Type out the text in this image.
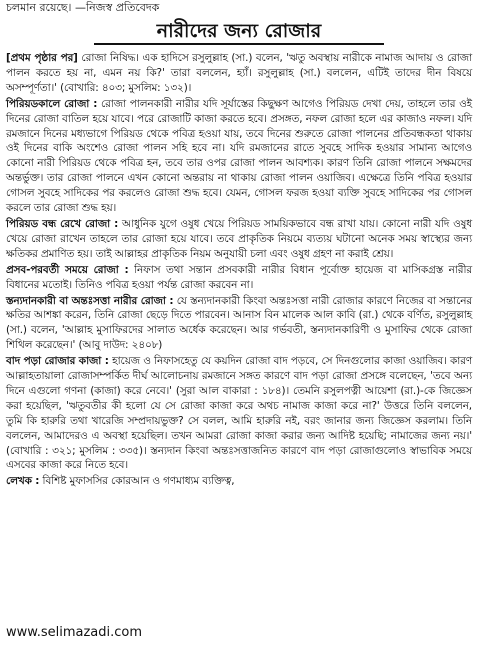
চলমান রয়েছে। —নিজস্ব প্রতিবেদক
নারীদের জন্য রোজার

[প্রথম পৃষ্ঠার পর] রোজা নিষিদ্ধ। এক হাদিসে রসুলুল্লাহ (সা.) বলেন, 'ঋতু অবস্থায় নারীকে নামাজ আদায় ও রোজা পালন করতে হয় না, এমন নয় কি?' তারা বললেন, হ্যাঁ। রসুলুল্লাহ (সা.) বললেন, এটিই তাদের দীন বিষয়ে অসম্পূর্ণতা।' (বোখারি: ৪০৩; মুসলিম: ১৩২)।

পিরিয়ডকালে রোজা : রোজা পালনকারী নারীর যদি সূর্যাস্তের কিছুক্ষণ আগেও পিরিয়ড দেখা দেয়, তাহলে তার ওই দিনের রোজা বাতিল হয়ে যাবে। পরে রোজাটি কাজা করতে হবে। প্রসঙ্গত, নফল রোজা হলে এর কাজাও নফল। যদি রমজানে দিনের মধ্যভাগে পিরিয়ড থেকে পবিত্র হওয়া যায়, তবে দিনের শুরুতে রোজা পালনের প্রতিবন্ধকতা থাকায় ওই দিনের বাকি অংশেও রোজা পালন সহি হবে না। যদি রমজানের রাতে সুবহে সাদিক হওয়ার সামান্য আগেও কোনো নারী পিরিয়ড থেকে পবিত্র হন, তবে তার ওপর রোজা পালন আবশ্যক। কারণ তিনি রোজা পালনে সক্ষমদের অন্তর্ভুক্ত। তার রোজা পালনে এখন কোনো অন্তরায় না থাকায় রোজা পালন ওয়াজিব। এক্ষেত্রে তিনি পবিত্র হওয়ার গোসল সুবহে সাদিকের পর করলেও রোজা শুদ্ধ হবে। যেমন, গোসল ফরজ হওয়া ব্যক্তি সুবহে সাদিকের পর গোসল করলে তার রোজা শুদ্ধ হয়।

পিরিয়ড বন্ধ রেখে রোজা : আধুনিক যুগে ওষুধ খেয়ে পিরিয়ড সাময়িকভাবে বন্ধ রাখা যায়। কোনো নারী যদি ওষুধ খেয়ে রোজা রাখেন তাহলে তার রোজা হয়ে যাবে। তবে প্রাকৃতিক নিয়মে ব্যত্যয় ঘটানো অনেক সময় স্বাস্থ্যের জন্য ক্ষতিকর প্রমাণিত হয়। তাই আল্লাহর প্রাকৃতিক নিয়ম অনুযায়ী চলা এবং ওষুধ গ্রহণ না করাই শ্রেয়।

প্রসব-পরবর্তী সময়ে রোজা : নিফাস তথা সন্তান প্রসবকারী নারীর বিধান পূর্বোক্ত হায়েজ বা মাসিকগ্রস্ত নারীর বিধানের মতোই। তিনিও পবিত্র হওয়া পর্যন্ত রোজা করবেন না।

স্তন্যদানকারী বা অন্তঃসত্তা নারীর রোজা : যে স্তন্যদানকারী কিংবা অন্তঃসত্তা নারী রোজার কারণে নিজের বা সন্তানের ক্ষতির আশঙ্কা করেন, তিনি রোজা ছেড়ে দিতে পারবেন। আনাস বিন মালেক আল কাবি (রা.) থেকে বর্ণিত, রসুলুল্লাহ (সা.) বলেন, 'আল্লাহ মুসাফিরদের সালাত অর্ধেক করেছেন। আর গর্ভবতী, স্তন্যদানকারিণী ও মুসাফির থেকে রোজা শিথিল করেছেন।' (আবু দাউদ: ২৪০৮)

বাদ পড়া রোজার কাজা : হায়েজ ও নিফাসহেতু যে কয়দিন রোজা বাদ পড়বে, সে দিনগুলোর কাজা ওয়াজিব। কারণ আল্লাহতায়ালা রোজাসম্পর্কিত দীর্ঘ আলোচনায় রমজানে সঙ্গত কারণে বাদ পড়া রোজা প্রসঙ্গে বলেছেন, 'তবে অন্য দিনে এগুলো গণনা (কাজা) করে নেবে।' (সুরা আল বাকারা : ১৮৪)। তেমনি রসুলপত্নী আয়েশা (রা.)-কে জিজ্ঞেস করা হয়েছিল, 'ঋতুবতীর কী হলো যে সে রোজা কাজা করে অথচ নামাজ কাজা করে না?' উত্তরে তিনি বললেন, তুমি কি হারুরি তথা খারেজি সম্প্রদায়ভুক্ত? সে বলল, আমি হারুরি নই, বরং জানার জন্য জিজ্ঞেস করলাম। তিনি বললেন, আমাদেরও এ অবস্থা হয়েছিল। তখন আমরা রোজা কাজা করার জন্য আদিষ্ট হয়েছি; নামাজের জন্য নয়।' (বোখারি : ৩২১; মুসলিম : ৩৩৫)। স্তন্যদান কিংবা অন্তঃসত্তাজনিত কারণে বাদ পড়া রোজাগুলোও স্বাভাবিক সময়ে এসবের কাজা করে নিতে হবে।

লেখক : বিশিষ্ট মুফাসসির কোরআন ও গণমাধ্যম ব্যক্তিত্ব,

www.selimazadi.com
